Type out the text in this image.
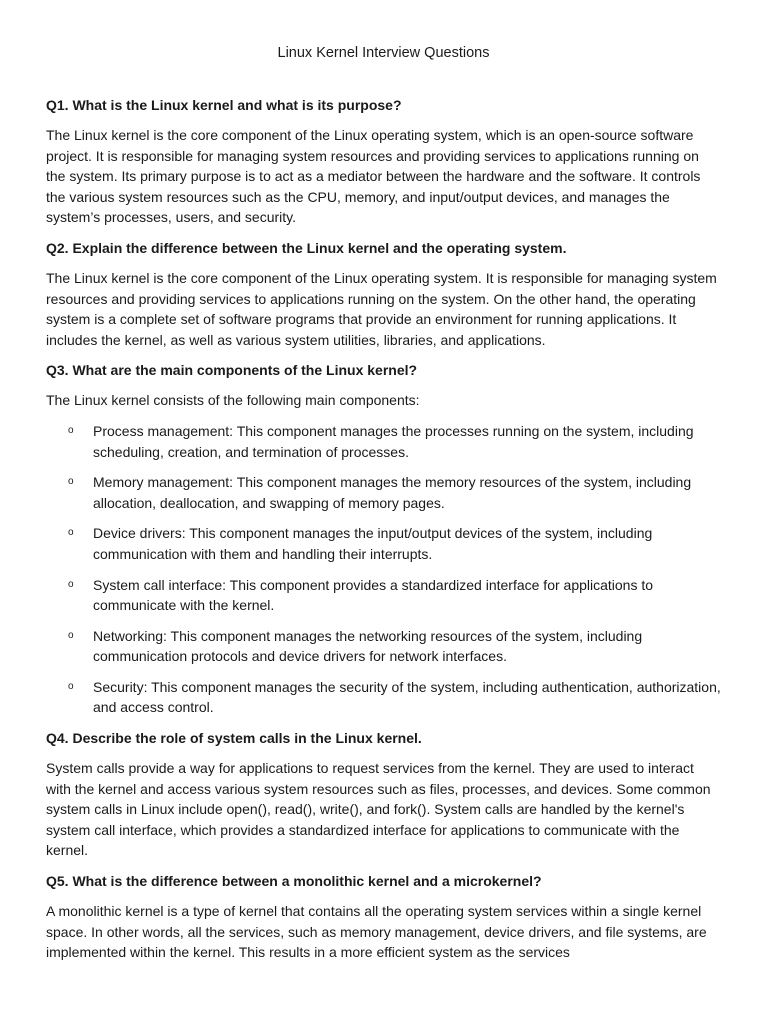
Linux Kernel Interview Questions

Q1. What is the Linux kernel and what is its purpose?

The Linux kernel is the core component of the Linux operating system, which is an open-source software project. It is responsible for managing system resources and providing services to applications running on the system. Its primary purpose is to act as a mediator between the hardware and the software. It controls the various system resources such as the CPU, memory, and input/output devices, and manages the system’s processes, users, and security.

Q2. Explain the difference between the Linux kernel and the operating system.

The Linux kernel is the core component of the Linux operating system. It is responsible for managing system resources and providing services to applications running on the system. On the other hand, the operating system is a complete set of software programs that provide an environment for running applications. It includes the kernel, as well as various system utilities, libraries, and applications.

Q3. What are the main components of the Linux kernel?

The Linux kernel consists of the following main components:

o Process management: This component manages the processes running on the system, including scheduling, creation, and termination of processes.
o Memory management: This component manages the memory resources of the system, including allocation, deallocation, and swapping of memory pages.
o Device drivers: This component manages the input/output devices of the system, including communication with them and handling their interrupts.
o System call interface: This component provides a standardized interface for applications to communicate with the kernel.
o Networking: This component manages the networking resources of the system, including communication protocols and device drivers for network interfaces.
o Security: This component manages the security of the system, including authentication, authorization, and access control.

Q4. Describe the role of system calls in the Linux kernel.

System calls provide a way for applications to request services from the kernel. They are used to interact with the kernel and access various system resources such as files, processes, and devices. Some common system calls in Linux include open(), read(), write(), and fork(). System calls are handled by the kernel's system call interface, which provides a standardized interface for applications to communicate with the kernel.

Q5. What is the difference between a monolithic kernel and a microkernel?

A monolithic kernel is a type of kernel that contains all the operating system services within a single kernel space. In other words, all the services, such as memory management, device drivers, and file systems, are implemented within the kernel. This results in a more efficient system as the services
